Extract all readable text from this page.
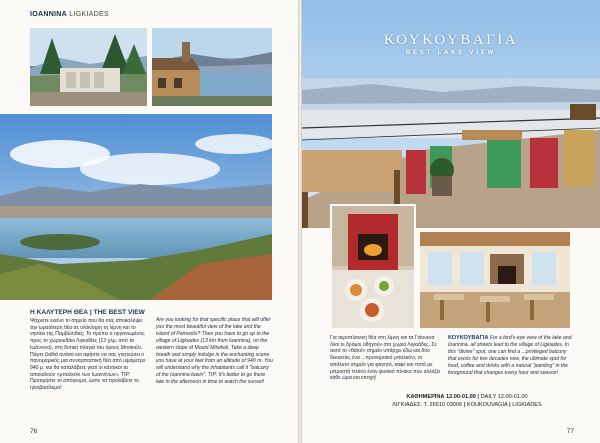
IOANNINA LIGKIADES
Η ΚΑΛΥΤΕΡΗ ΘΕΑ | THE BEST VIEW
Ψάχνετε εκείνο το σημείο που θα σας αποκαλύψει την ωραιότερη θέα σε ολόκληρη τη λίμνη και το νησάκι της Παμβώτιδας; Το πρέπει ο οργανωμένος προς το χωριουδάκι Λιγκιάδες (13 χλμ. από τα Ιωάννινα), στη δυτική πλαγιά του όρους Μιτσικέλι. Πάρτε βαθιά ανάσα και αφήστε να σας γοητεύσει ο πανοραμικός μια συναρπαστική θέα από υψόμετρο 940 μ. και θα καταλάβετε γιατί οι κάτοικοι το αποκαλούν «μπαλκόνι των Ιωαννίνων». TIP: Προτιμήστε το απόγευμα, ώστε να προλάβετε το ηλιοβασίλεμα!
Are you looking for that specific place that will offer you the most beautiful view of the lake and the island of Pamvotis? Then you have to go up to the village of Ligkiades (13 km from Ioannina), on the western slope of Mount Mitsikeli. Take a deep breath and simply indulge in the enchanting scene you have at your feet from an altitude of 940 m. You will understand why the inhabitants call it "balcony of the Ioannina basin". TIP: It's better to go there late in the afternoon in time to watch the sunset!
76
ΚΟΥΚΟΥΒΑΓΙΑ
BEST LAKE VIEW
Για αεροπλανική θέα στη λίμνη και τα Γιάννενα όλοι οι δρόμοι οδηγούν στο χωριό Λιγκιάδες. Σε αυτό το «θεϊκό» σημείο υπάρχει εδώ και δύο δεκαετίες ένα ...προνομιακό μπαλκόνι, το απόλυτο σημείο για φαγητό, καφέ και ποτό με μπροστά πλάνο έναν φυσικό πίνακα που αλλάζει κάθε ώρα και εποχή!
ΚΟΥΚΟΥΒΑΓΙΑ For a bird's-eye view of the lake and Ioannina, all streets lead to the village of Ligkiades. In this "divine" spot, one can find a ...privileged balcony that exists for two decades now, the ultimate spot for food, coffee and drinks with a natural "painting" in the foreground that changes every hour and season!
ΚΑΘΗΜΕΡΙΝΑ 12.00-01.00 | DAILY 12.00-01.00
ΛΙΓΚΙΑΔΕΣ, Τ. 26510 03006 | KOUKOUVAGIA | LIGKIADES
77
